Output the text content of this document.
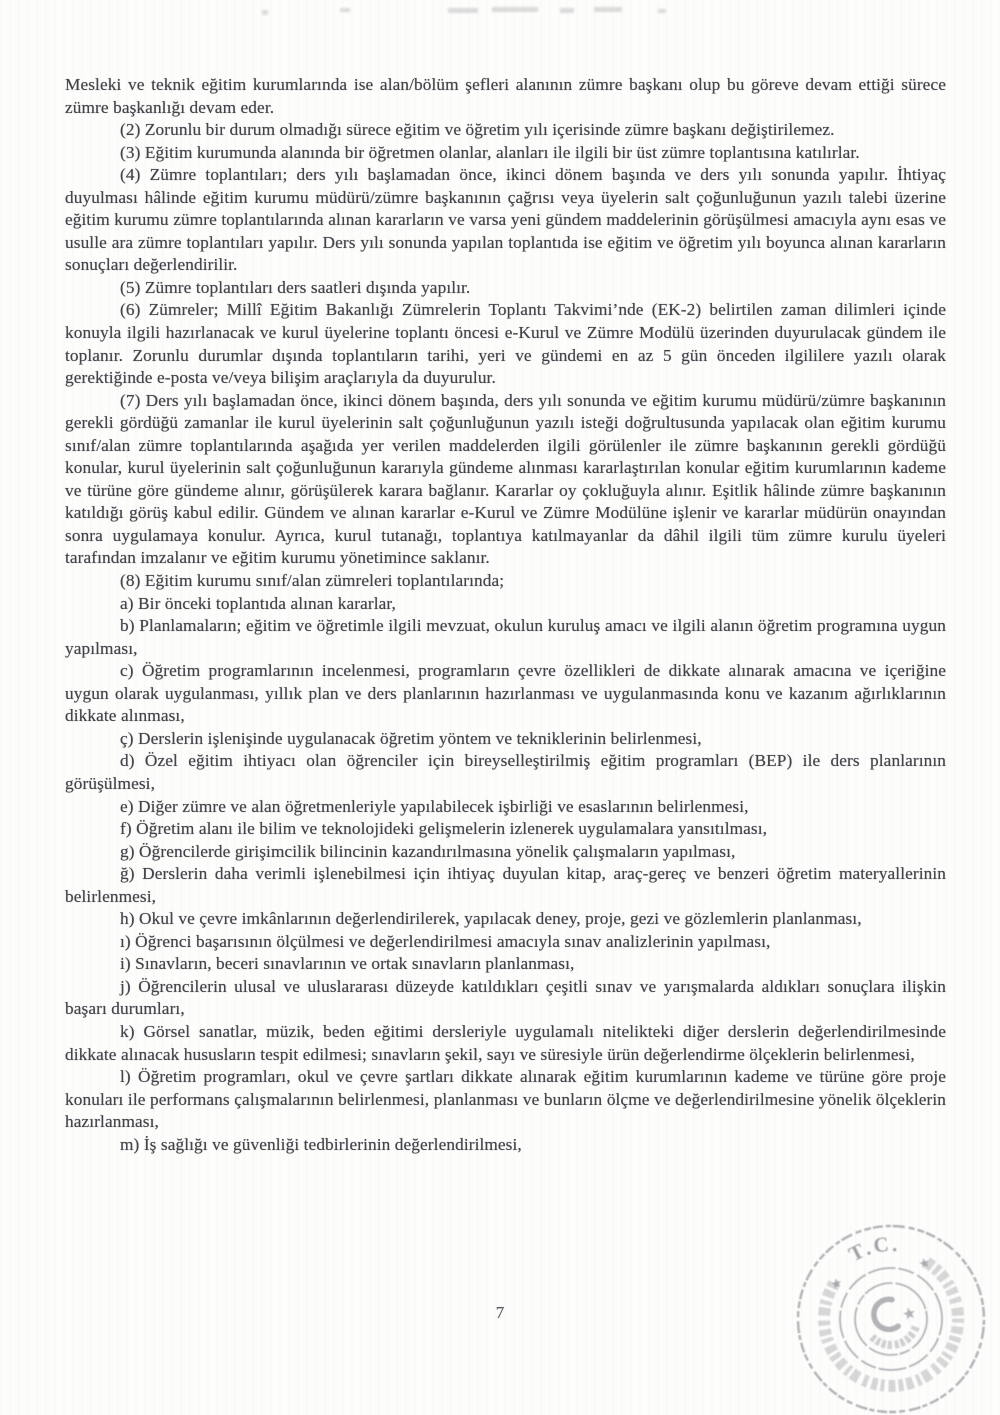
Mesleki ve teknik eğitim kurumlarında ise alan/bölüm şefleri alanının zümre başkanı olup bu göreve devam ettiği sürece zümre başkanlığı devam eder.

(2) Zorunlu bir durum olmadığı sürece eğitim ve öğretim yılı içerisinde zümre başkanı değiştirilemez.

(3) Eğitim kurumunda alanında bir öğretmen olanlar, alanları ile ilgili bir üst zümre toplantısına katılırlar.

(4) Zümre toplantıları; ders yılı başlamadan önce, ikinci dönem başında ve ders yılı sonunda yapılır. İhtiyaç duyulması hâlinde eğitim kurumu müdürü/zümre başkanının çağrısı veya üyelerin salt çoğunluğunun yazılı talebi üzerine eğitim kurumu zümre toplantılarında alınan kararların ve varsa yeni gündem maddelerinin görüşülmesi amacıyla aynı esas ve usulle ara zümre toplantıları yapılır. Ders yılı sonunda yapılan toplantıda ise eğitim ve öğretim yılı boyunca alınan kararların sonuçları değerlendirilir.

(5) Zümre toplantıları ders saatleri dışında yapılır.

(6) Zümreler; Millî Eğitim Bakanlığı Zümrelerin Toplantı Takvimi’nde (EK-2) belirtilen zaman dilimleri içinde konuyla ilgili hazırlanacak ve kurul üyelerine toplantı öncesi e-Kurul ve Zümre Modülü üzerinden duyurulacak gündem ile toplanır. Zorunlu durumlar dışında toplantıların tarihi, yeri ve gündemi en az 5 gün önceden ilgililere yazılı olarak gerektiğinde e-posta ve/veya bilişim araçlarıyla da duyurulur.

(7) Ders yılı başlamadan önce, ikinci dönem başında, ders yılı sonunda ve eğitim kurumu müdürü/zümre başkanının gerekli gördüğü zamanlar ile kurul üyelerinin salt çoğunluğunun yazılı isteği doğrultusunda yapılacak olan eğitim kurumu sınıf/alan zümre toplantılarında aşağıda yer verilen maddelerden ilgili görülenler ile zümre başkanının gerekli gördüğü konular, kurul üyelerinin salt çoğunluğunun kararıyla gündeme alınması kararlaştırılan konular eğitim kurumlarının kademe ve türüne göre gündeme alınır, görüşülerek karara bağlanır. Kararlar oy çokluğuyla alınır. Eşitlik hâlinde zümre başkanının katıldığı görüş kabul edilir. Gündem ve alınan kararlar e-Kurul ve Zümre Modülüne işlenir ve kararlar müdürün onayından sonra uygulamaya konulur. Ayrıca, kurul tutanağı, toplantıya katılmayanlar da dâhil ilgili tüm zümre kurulu üyeleri tarafından imzalanır ve eğitim kurumu yönetimince saklanır.

(8) Eğitim kurumu sınıf/alan zümreleri toplantılarında;

a) Bir önceki toplantıda alınan kararlar,

b) Planlamaların; eğitim ve öğretimle ilgili mevzuat, okulun kuruluş amacı ve ilgili alanın öğretim programına uygun yapılması,

c) Öğretim programlarının incelenmesi, programların çevre özellikleri de dikkate alınarak amacına ve içeriğine uygun olarak uygulanması, yıllık plan ve ders planlarının hazırlanması ve uygulanmasında konu ve kazanım ağırlıklarının dikkate alınması,

ç) Derslerin işlenişinde uygulanacak öğretim yöntem ve tekniklerinin belirlenmesi,

d) Özel eğitim ihtiyacı olan öğrenciler için bireyselleştirilmiş eğitim programları (BEP) ile ders planlarının görüşülmesi,

e) Diğer zümre ve alan öğretmenleriyle yapılabilecek işbirliği ve esaslarının belirlenmesi,

f) Öğretim alanı ile bilim ve teknolojideki gelişmelerin izlenerek uygulamalara yansıtılması,

g) Öğrencilerde girişimcilik bilincinin kazandırılmasına yönelik çalışmaların yapılması,

ğ) Derslerin daha verimli işlenebilmesi için ihtiyaç duyulan kitap, araç-gereç ve benzeri öğretim materyallerinin belirlenmesi,

h) Okul ve çevre imkânlarının değerlendirilerek, yapılacak deney, proje, gezi ve gözlemlerin planlanması,

ı) Öğrenci başarısının ölçülmesi ve değerlendirilmesi amacıyla sınav analizlerinin yapılması,

i) Sınavların, beceri sınavlarının ve ortak sınavların planlanması,

j) Öğrencilerin ulusal ve uluslararası düzeyde katıldıkları çeşitli sınav ve yarışmalarda aldıkları sonuçlara ilişkin başarı durumları,

k) Görsel sanatlar, müzik, beden eğitimi dersleriyle uygulamalı nitelikteki diğer derslerin değerlendirilmesinde dikkate alınacak hususların tespit edilmesi; sınavların şekil, sayı ve süresiyle ürün değerlendirme ölçeklerin belirlenmesi,

l) Öğretim programları, okul ve çevre şartları dikkate alınarak eğitim kurumlarının kademe ve türüne göre proje konuları ile performans çalışmalarının belirlenmesi, planlanması ve bunların ölçme ve değerlendirilmesine yönelik ölçeklerin hazırlanması,

m) İş sağlığı ve güvenliği tedbirlerinin değerlendirilmesi,

7
T.C.
